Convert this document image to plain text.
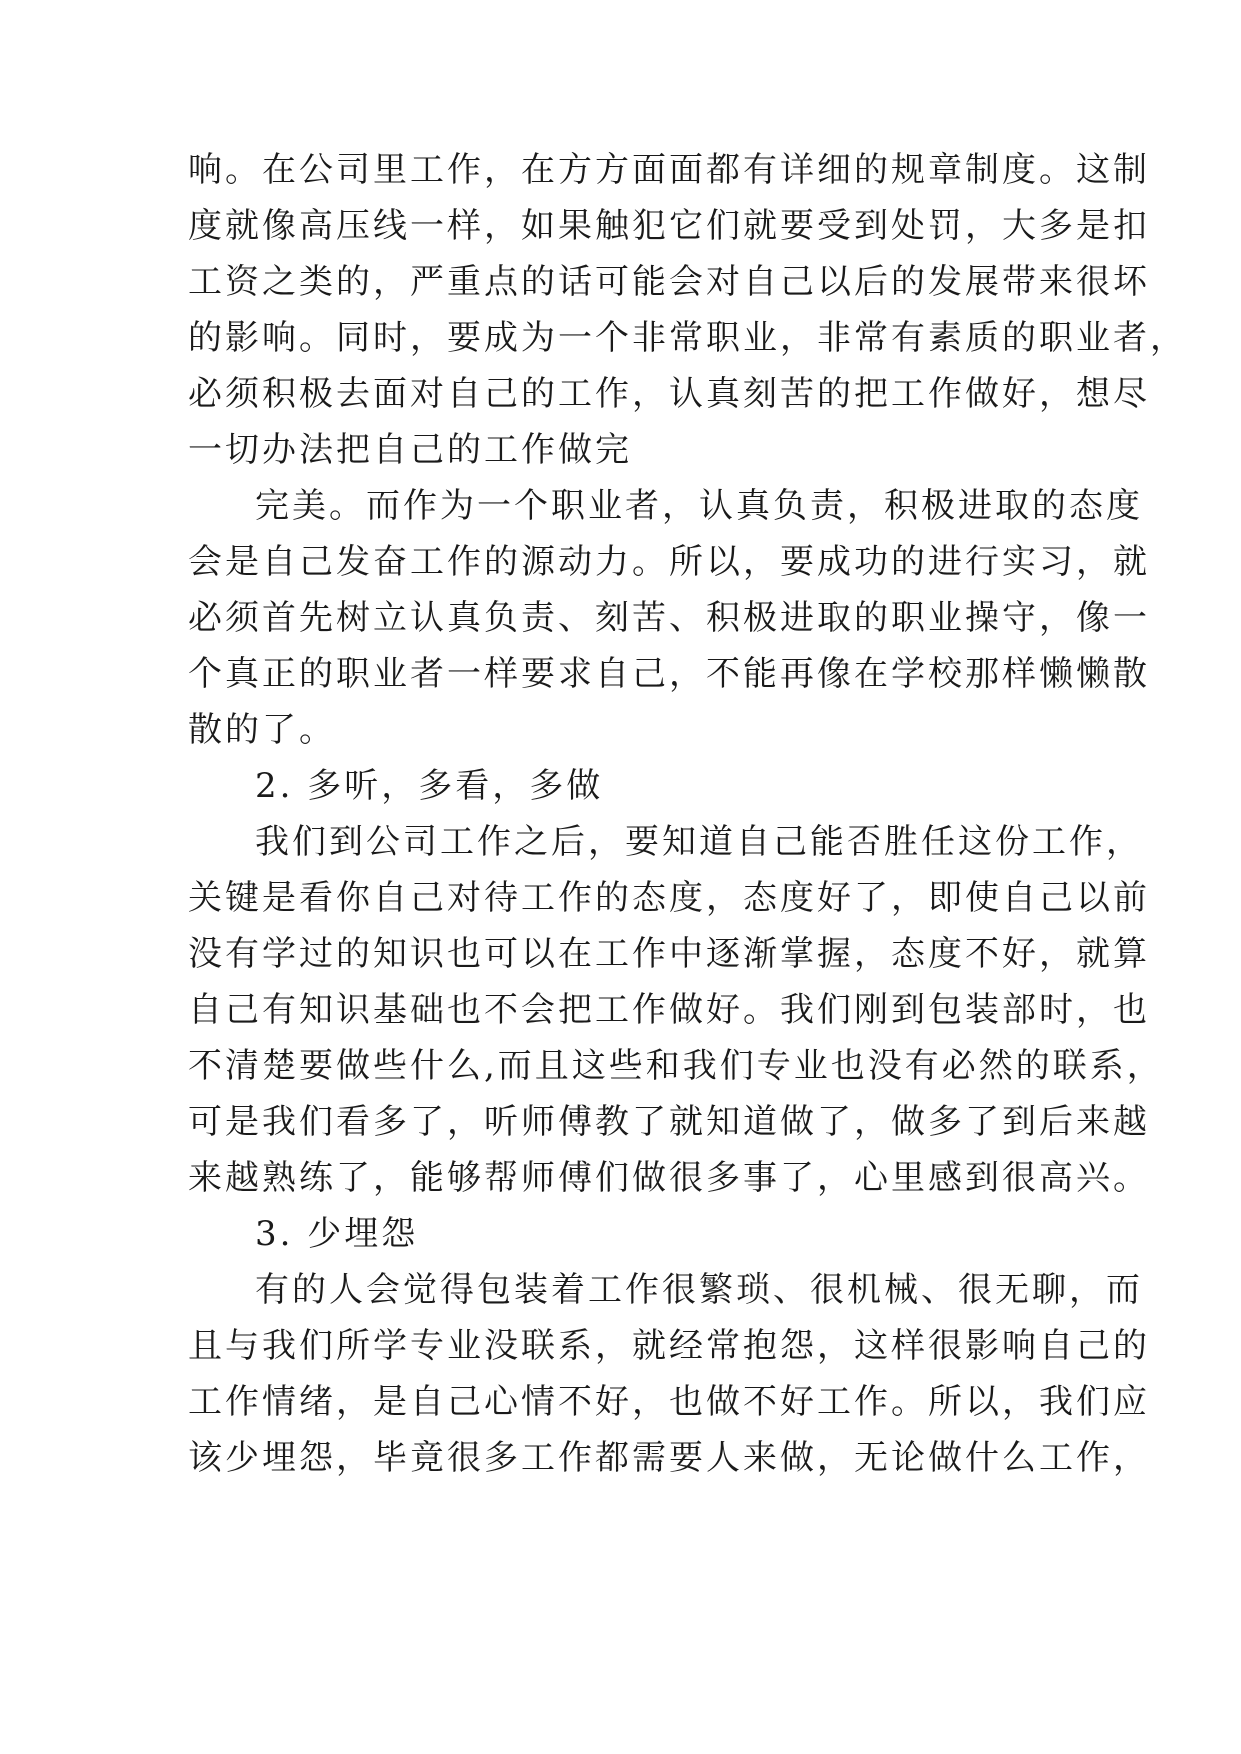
响。在公司里工作，在方方面面都有详细的规章制度。这制
度就像高压线一样，如果触犯它们就要受到处罚，大多是扣
工资之类的，严重点的话可能会对自己以后的发展带来很坏
的影响。同时，要成为一个非常职业，非常有素质的职业者，
必须积极去面对自己的工作，认真刻苦的把工作做好，想尽
一切办法把自己的工作做完
完美。而作为一个职业者，认真负责，积极进取的态度
会是自己发奋工作的源动力。所以，要成功的进行实习，就
必须首先树立认真负责、刻苦、积极进取的职业操守，像一
个真正的职业者一样要求自己，不能再像在学校那样懒懒散
散的了。
2. 多听，多看，多做
我们到公司工作之后，要知道自己能否胜任这份工作，
关键是看你自己对待工作的态度，态度好了，即使自己以前
没有学过的知识也可以在工作中逐渐掌握，态度不好，就算
自己有知识基础也不会把工作做好。我们刚到包装部时，也
不清楚要做些什么,而且这些和我们专业也没有必然的联系，
可是我们看多了，听师傅教了就知道做了，做多了到后来越
来越熟练了，能够帮师傅们做很多事了，心里感到很高兴。
3. 少埋怨
有的人会觉得包装着工作很繁琐、很机械、很无聊，而
且与我们所学专业没联系，就经常抱怨，这样很影响自己的
工作情绪，是自己心情不好，也做不好工作。所以，我们应
该少埋怨，毕竟很多工作都需要人来做，无论做什么工作，
